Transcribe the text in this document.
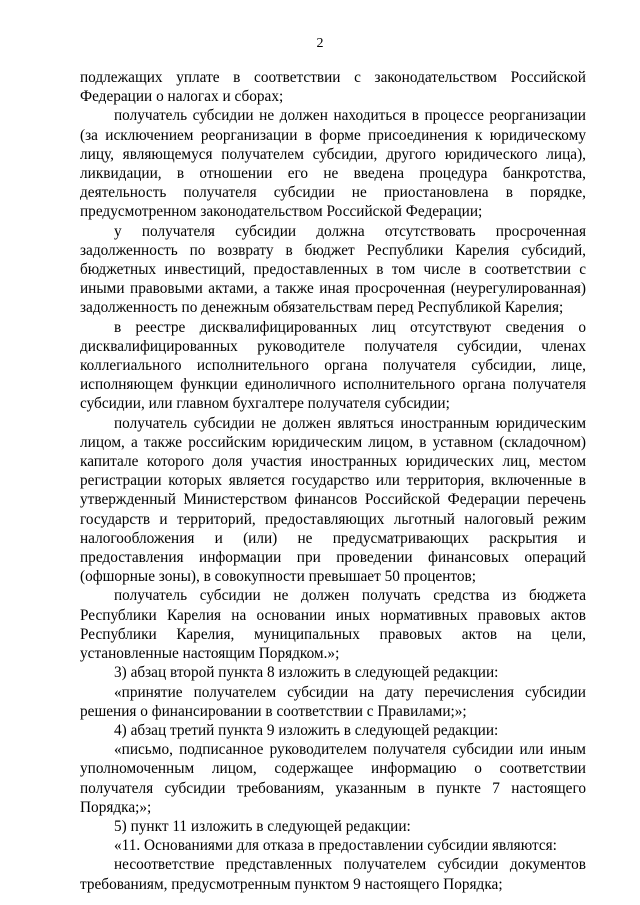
2

подлежащих уплате в соответствии с законодательством Российской Федерации о налогах и сборах;

получатель субсидии не должен находиться в процессе реорганизации (за исключением реорганизации в форме присоединения к юридическому лицу, являющемуся получателем субсидии, другого юридического лица), ликвидации, в отношении его не введена процедура банкротства, деятельность получателя субсидии не приостановлена в порядке, предусмотренном законодательством Российской Федерации;

у получателя субсидии должна отсутствовать просроченная задолженность по возврату в бюджет Республики Карелия субсидий, бюджетных инвестиций, предоставленных в том числе в соответствии с иными правовыми актами, а также иная просроченная (неурегулированная) задолженность по денежным обязательствам перед Республикой Карелия;

в реестре дисквалифицированных лиц отсутствуют сведения о дисквалифицированных руководителе получателя субсидии, членах коллегиального исполнительного органа получателя субсидии, лице, исполняющем функции единоличного исполнительного органа получателя субсидии, или главном бухгалтере получателя субсидии;

получатель субсидии не должен являться иностранным юридическим лицом, а также российским юридическим лицом, в уставном (складочном) капитале которого доля участия иностранных юридических лиц, местом регистрации которых является государство или территория, включенные в утвержденный Министерством финансов Российской Федерации перечень государств и территорий, предоставляющих льготный налоговый режим налогообложения и (или) не предусматривающих раскрытия и предоставления информации при проведении финансовых операций (офшорные зоны), в совокупности превышает 50 процентов;

получатель субсидии не должен получать средства из бюджета Республики Карелия на основании иных нормативных правовых актов Республики Карелия, муниципальных правовых актов на цели, установленные настоящим Порядком.»;

3) абзац второй пункта 8 изложить в следующей редакции:

«принятие получателем субсидии на дату перечисления субсидии решения о финансировании в соответствии с Правилами;»;

4) абзац третий пункта 9 изложить в следующей редакции:

«письмо, подписанное руководителем получателя субсидии или иным уполномоченным лицом, содержащее информацию о соответствии получателя субсидии требованиям, указанным в пункте 7 настоящего Порядка;»;

5) пункт 11 изложить в следующей редакции:

«11. Основаниями для отказа в предоставлении субсидии являются:

несоответствие представленных получателем субсидии документов требованиям, предусмотренным пунктом 9 настоящего Порядка;
